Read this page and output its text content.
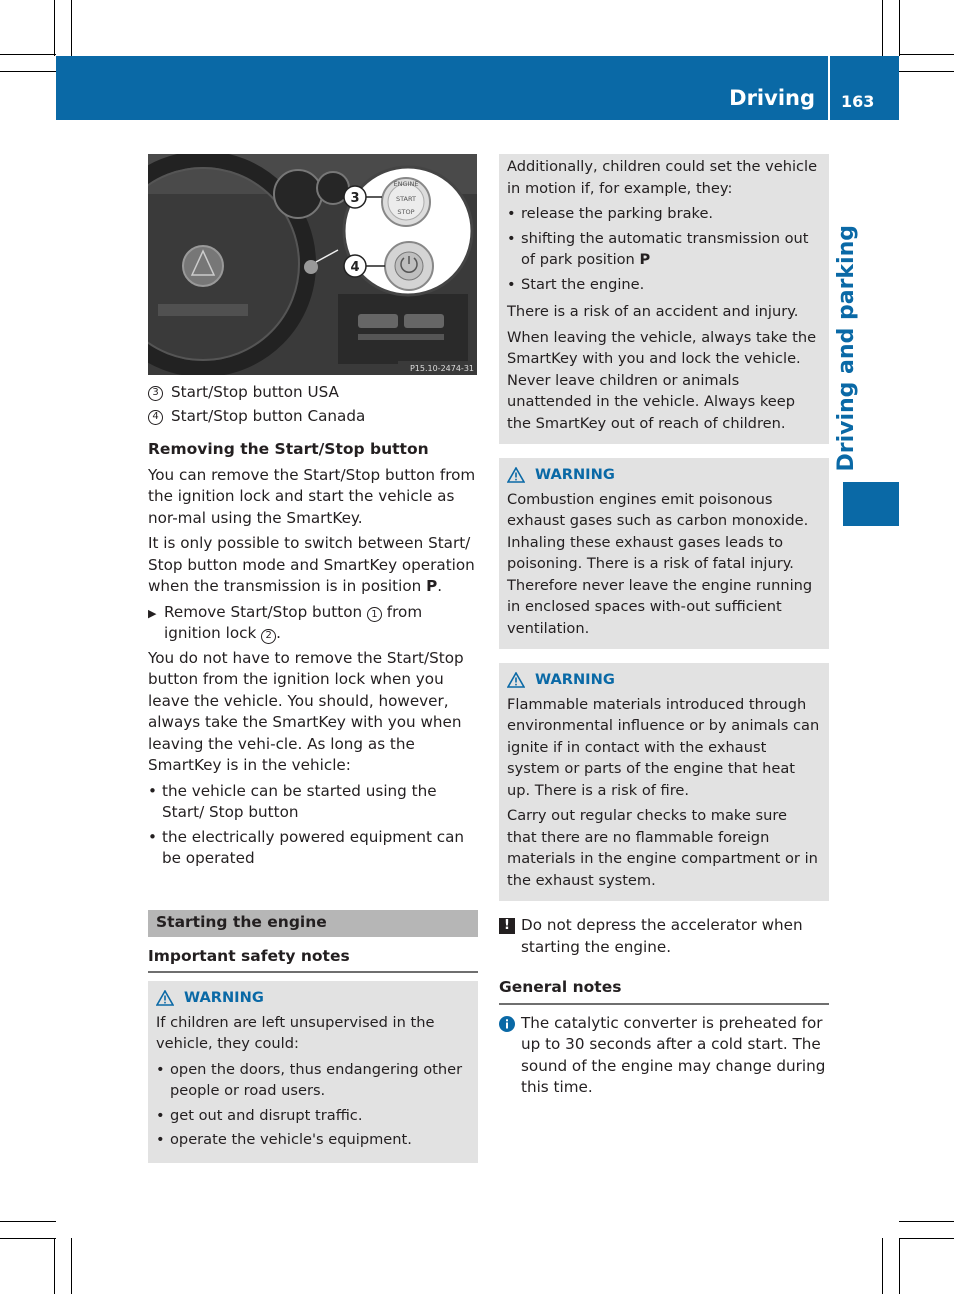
Driving 163
Driving and parking
ENGINE
START
STOP
3
4
P15.10-2474-31
3 Start/Stop button USA
4 Start/Stop button Canada
Removing the Start/Stop button

You can remove the Start/Stop button from the ignition lock and start the vehicle as nor-mal using the SmartKey.

It is only possible to switch between Start/ Stop button mode and SmartKey operation when the transmission is in position P.

▶ Remove Start/Stop button 1 from ignition lock 2 .

You do not have to remove the Start/Stop button from the ignition lock when you leave the vehicle. You should, however, always take the SmartKey with you when leaving the vehi-cle. As long as the SmartKey is in the vehicle:

• the vehicle can be started using the Start/ Stop button
• the electrically powered equipment can be operated
Starting the engine
Important safety notes
WARNING

If children are left unsupervised in the vehicle, they could:

• open the doors, thus endangering other people or road users.
• get out and disrupt traffic.
• operate the vehicle's equipment.

Additionally, children could set the vehicle in motion if, for example, they:

• release the parking brake.
• shifting the automatic transmission out of park position P
• Start the engine.

There is a risk of an accident and injury.

When leaving the vehicle, always take the SmartKey with you and lock the vehicle. Never leave children or animals unattended in the vehicle. Always keep the SmartKey out of reach of children.

WARNING

Combustion engines emit poisonous exhaust gases such as carbon monoxide. Inhaling these exhaust gases leads to poisoning. There is a risk of fatal injury. Therefore never leave the engine running in enclosed spaces with-out sufficient ventilation.

WARNING

Flammable materials introduced through environmental influence or by animals can ignite if in contact with the exhaust system or parts of the engine that heat up. There is a risk of fire.

Carry out regular checks to make sure that there are no flammable foreign materials in the engine compartment or in the exhaust system.

! Do not depress the accelerator when starting the engine.
General notes
The catalytic converter is preheated for up to 30 seconds after a cold start. The sound of the engine may change during this time.
